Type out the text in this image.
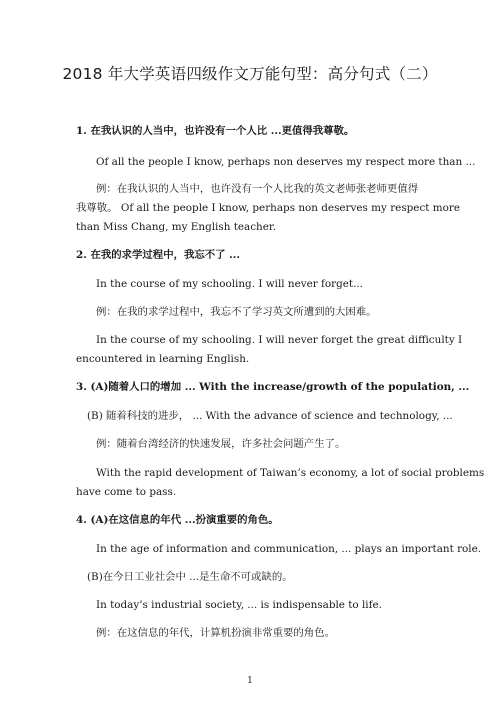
2018 年大学英语四级作文万能句型：高分句式（二）
1. 在我认识的人当中，也许没有一个人比 ...更值得我尊敬。
Of all the people I know, perhaps non deserves my respect more than ...
例：在我认识的人当中，也许没有一个人比我的英文老师张老师更值得
我尊敬。 Of all the people I know, perhaps non deserves my respect more
than Miss Chang, my English teacher.
2. 在我的求学过程中，我忘不了 ...
In the course of my schooling. I will never forget...
例：在我的求学过程中，我忘不了学习英文所遭到的大困难。
In the course of my schooling. I will never forget the great difficulty I
encountered in learning English.
3. (A)随着人口的增加 ... With the increase/growth of the population, ...
(B) 随着科技的进步， ... With the advance of science and technology, ...
例：随着台湾经济的快速发展，许多社会问题产生了。
With the rapid development of Taiwan’s economy, a lot of social problems
have come to pass.
4. (A)在这信息的年代 ...扮演重要的角色。
In the age of information and communication, ... plays an important role.
(B)在今日工业社会中 ...是生命不可或缺的。
In today’s industrial society, ... is indispensable to life.
例：在这信息的年代，计算机扮演非常重要的角色。
1
